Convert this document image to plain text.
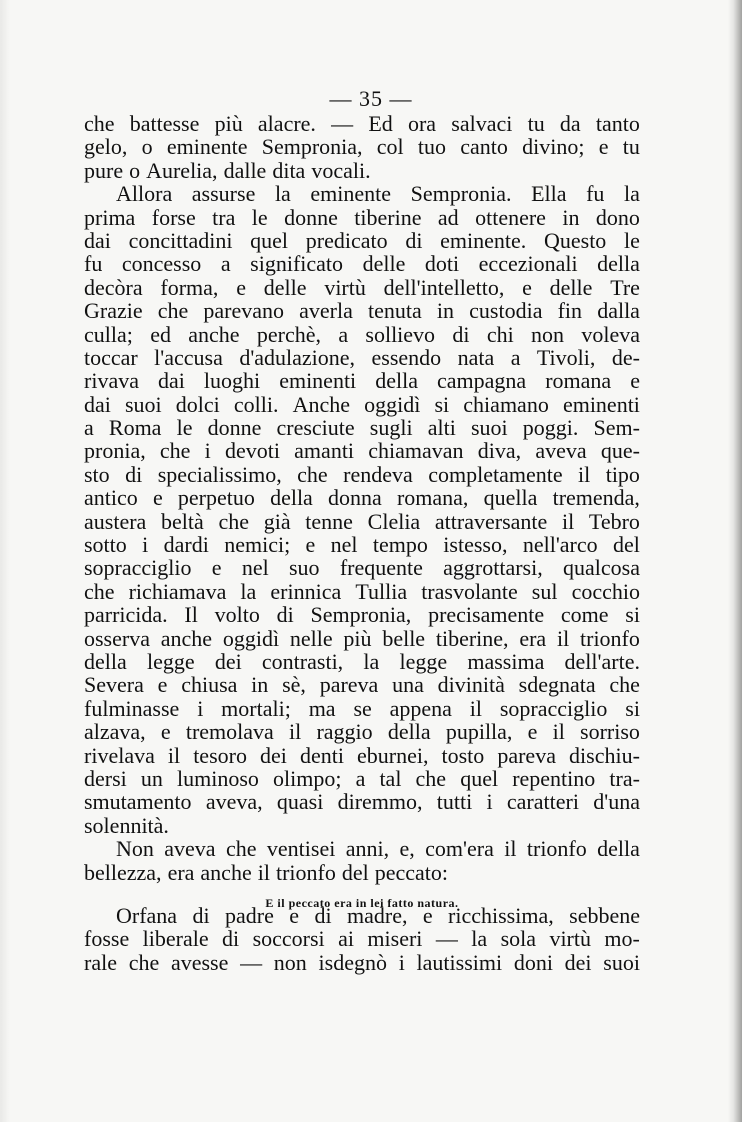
— 35 —
che battesse più alacre. — Ed ora salvaci tu da tanto
gelo, o eminente Sempronia, col tuo canto divino; e tu
pure o Aurelia, dalle dita vocali.
Allora assurse la eminente Sempronia. Ella fu la
prima forse tra le donne tiberine ad ottenere in dono
dai concittadini quel predicato di eminente. Questo le
fu concesso a significato delle doti eccezionali della
decòra forma, e delle virtù dell'intelletto, e delle Tre
Grazie che parevano averla tenuta in custodia fin dalla
culla; ed anche perchè, a sollievo di chi non voleva
toccar l'accusa d'adulazione, essendo nata a Tivoli, de-
rivava dai luoghi eminenti della campagna romana e
dai suoi dolci colli. Anche oggidì si chiamano eminenti
a Roma le donne cresciute sugli alti suoi poggi. Sem-
pronia, che i devoti amanti chiamavan diva, aveva que-
sto di specialissimo, che rendeva completamente il tipo
antico e perpetuo della donna romana, quella tremenda,
austera beltà che già tenne Clelia attraversante il Tebro
sotto i dardi nemici; e nel tempo istesso, nell'arco del
sopracciglio e nel suo frequente aggrottarsi, qualcosa
che richiamava la erinnica Tullia trasvolante sul cocchio
parricida. Il volto di Sempronia, precisamente come si
osserva anche oggidì nelle più belle tiberine, era il trionfo
della legge dei contrasti, la legge massima dell'arte.
Severa e chiusa in sè, pareva una divinità sdegnata che
fulminasse i mortali; ma se appena il sopracciglio si
alzava, e tremolava il raggio della pupilla, e il sorriso
rivelava il tesoro dei denti eburnei, tosto pareva dischiu-
dersi un luminoso olimpo; a tal che quel repentino tra-
smutamento aveva, quasi diremmo, tutti i caratteri d'una
solennità.
Non aveva che ventisei anni, e, com'era il trionfo della
bellezza, era anche il trionfo del peccato:
E il peccato era in lei fatto natura.
Orfana di padre e di madre, e ricchissima, sebbene
fosse liberale di soccorsi ai miseri — la sola virtù mo-
rale che avesse — non isdegnò i lautissimi doni dei suoi
